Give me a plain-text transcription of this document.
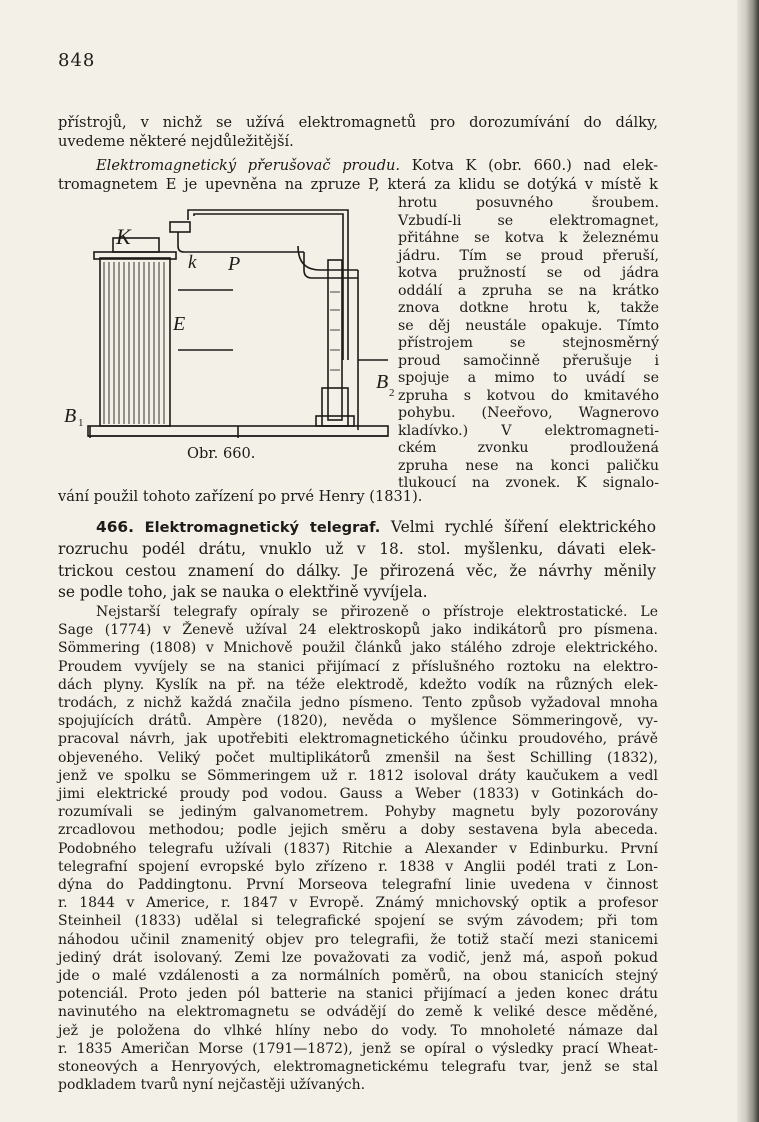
848
přístrojů, v nichž se užívá elektromagnetů pro dorozumívání do dálky,
uvedeme některé nejdůležitější.
Elektromagnetický přerušovač proudu. Kotva K (obr. 660.) nad elek-
tromagnetem E je upevněna na zpruze P, která za klidu se dotýká v místě k
K
k P
E
B 1
B 2
Obr. 660.
hrotu posuvného šroubem.
Vzbudí-li se elektromagnet,
přitáhne se kotva k železnému
jádru. Tím se proud přeruší,
kotva pružností se od jádra
oddálí a zpruha se na krátko
znova dotkne hrotu k, takže
se děj neustále opakuje. Tímto
přístrojem se stejnosměrný
proud samočinně přerušuje i
spojuje a mimo to uvádí se
zpruha s kotvou do kmitavého
pohybu. (Neeřovo, Wagnerovo
kladívko.) V elektromagneti-
ckém zvonku prodloužená
zpruha nese na konci paličku
tlukoucí na zvonek. K signalo-
vání použil tohoto zařízení po prvé Henry (1831).
466. Elektromagnetický telegraf. Velmi rychlé šíření elektrického
rozruchu podél drátu, vnuklo už v 18. stol. myšlenku, dávati elek-
trickou cestou znamení do dálky. Je přirozená věc, že návrhy měnily
se podle toho, jak se nauka o elektřině vyvíjela.
Nejstarší telegrafy opíraly se přirozeně o přístroje elektrostatické. Le
Sage (1774) v Ženevě užíval 24 elektroskopů jako indikátorů pro písmena.
Sömmering (1808) v Mnichově použil článků jako stálého zdroje elektrického.
Proudem vyvíjely se na stanici přijímací z příslušného roztoku na elektro-
dách plyny. Kyslík na př. na téže elektrodě, kdežto vodík na různých elek-
trodách, z nichž každá značila jedno písmeno. Tento způsob vyžadoval mnoha
spojujících drátů. Ampère (1820), nevěda o myšlence Sömmeringově, vy-
pracoval návrh, jak upotřebiti elektromagnetického účinku proudového, právě
objeveného. Veliký počet multiplikátorů zmenšil na šest Schilling (1832),
jenž ve spolku se Sömmeringem už r. 1812 isoloval dráty kaučukem a vedl
jimi elektrické proudy pod vodou. Gauss a Weber (1833) v Gotinkách do-
rozumívali se jediným galvanometrem. Pohyby magnetu byly pozorovány
zrcadlovou methodou; podle jejich směru a doby sestavena byla abeceda.
Podobného telegrafu užívali (1837) Ritchie a Alexander v Edinburku. První
telegrafní spojení evropské bylo zřízeno r. 1838 v Anglii podél trati z Lon-
dýna do Paddingtonu. První Morseova telegrafní linie uvedena v činnost
r. 1844 v Americe, r. 1847 v Evropě. Známý mnichovský optik a profesor
Steinheil (1833) udělal si telegrafické spojení se svým závodem; při tom
náhodou učinil znamenitý objev pro telegrafii, že totiž stačí mezi stanicemi
jediný drát isolovaný. Zemi lze považovati za vodič, jenž má, aspoň pokud
jde o malé vzdálenosti a za normálních poměrů, na obou stanicích stejný
potenciál. Proto jeden pól batterie na stanici přijímací a jeden konec drátu
navinutého na elektromagnetu se odvádějí do země k veliké desce měděné,
jež je položena do vlhké hlíny nebo do vody. To mnoholeté námaze dal
r. 1835 Američan Morse (1791—1872), jenž se opíral o výsledky prací Wheat-
stoneových a Henryových, elektromagnetickému telegrafu tvar, jenž se stal
podkladem tvarů nyní nejčastěji užívaných.
